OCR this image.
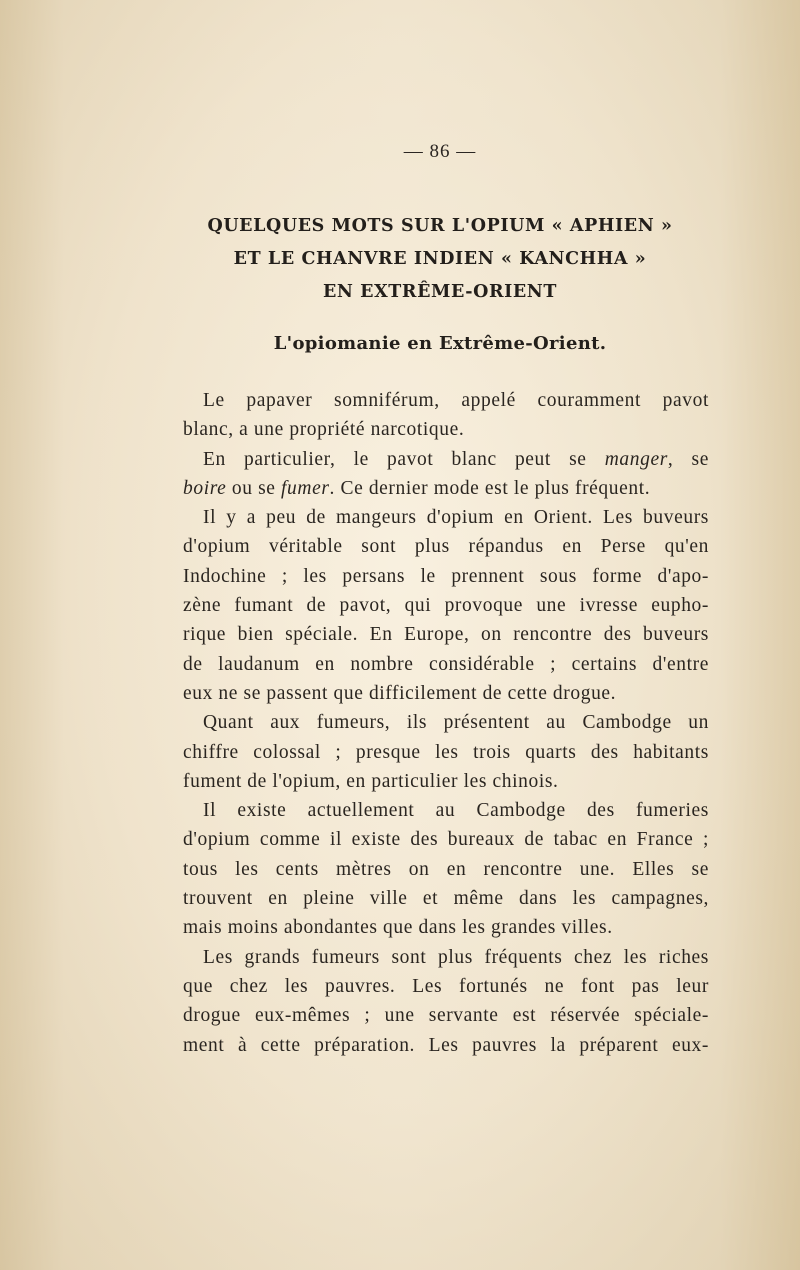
— 86 —
QUELQUES MOTS SUR L'OPIUM « APHIEN »
ET LE CHANVRE INDIEN « KANCHHA »
EN EXTRÊME-ORIENT
L'opiomanie en Extrême-Orient.
Le papaver somniférum, appelé couramment pavot
blanc, a une propriété narcotique.
En particulier, le pavot blanc peut se manger, se
boire ou se fumer. Ce dernier mode est le plus fréquent.
Il y a peu de mangeurs d'opium en Orient. Les buveurs
d'opium véritable sont plus répandus en Perse qu'en
Indochine ; les persans le prennent sous forme d'apo-
zène fumant de pavot, qui provoque une ivresse eupho-
rique bien spéciale. En Europe, on rencontre des buveurs
de laudanum en nombre considérable ; certains d'entre
eux ne se passent que difficilement de cette drogue.
Quant aux fumeurs, ils présentent au Cambodge un
chiffre colossal ; presque les trois quarts des habitants
fument de l'opium, en particulier les chinois.
Il existe actuellement au Cambodge des fumeries
d'opium comme il existe des bureaux de tabac en France ;
tous les cents mètres on en rencontre une. Elles se
trouvent en pleine ville et même dans les campagnes,
mais moins abondantes que dans les grandes villes.
Les grands fumeurs sont plus fréquents chez les riches
que chez les pauvres. Les fortunés ne font pas leur
drogue eux-mêmes ; une servante est réservée spéciale-
ment à cette préparation. Les pauvres la préparent eux-
